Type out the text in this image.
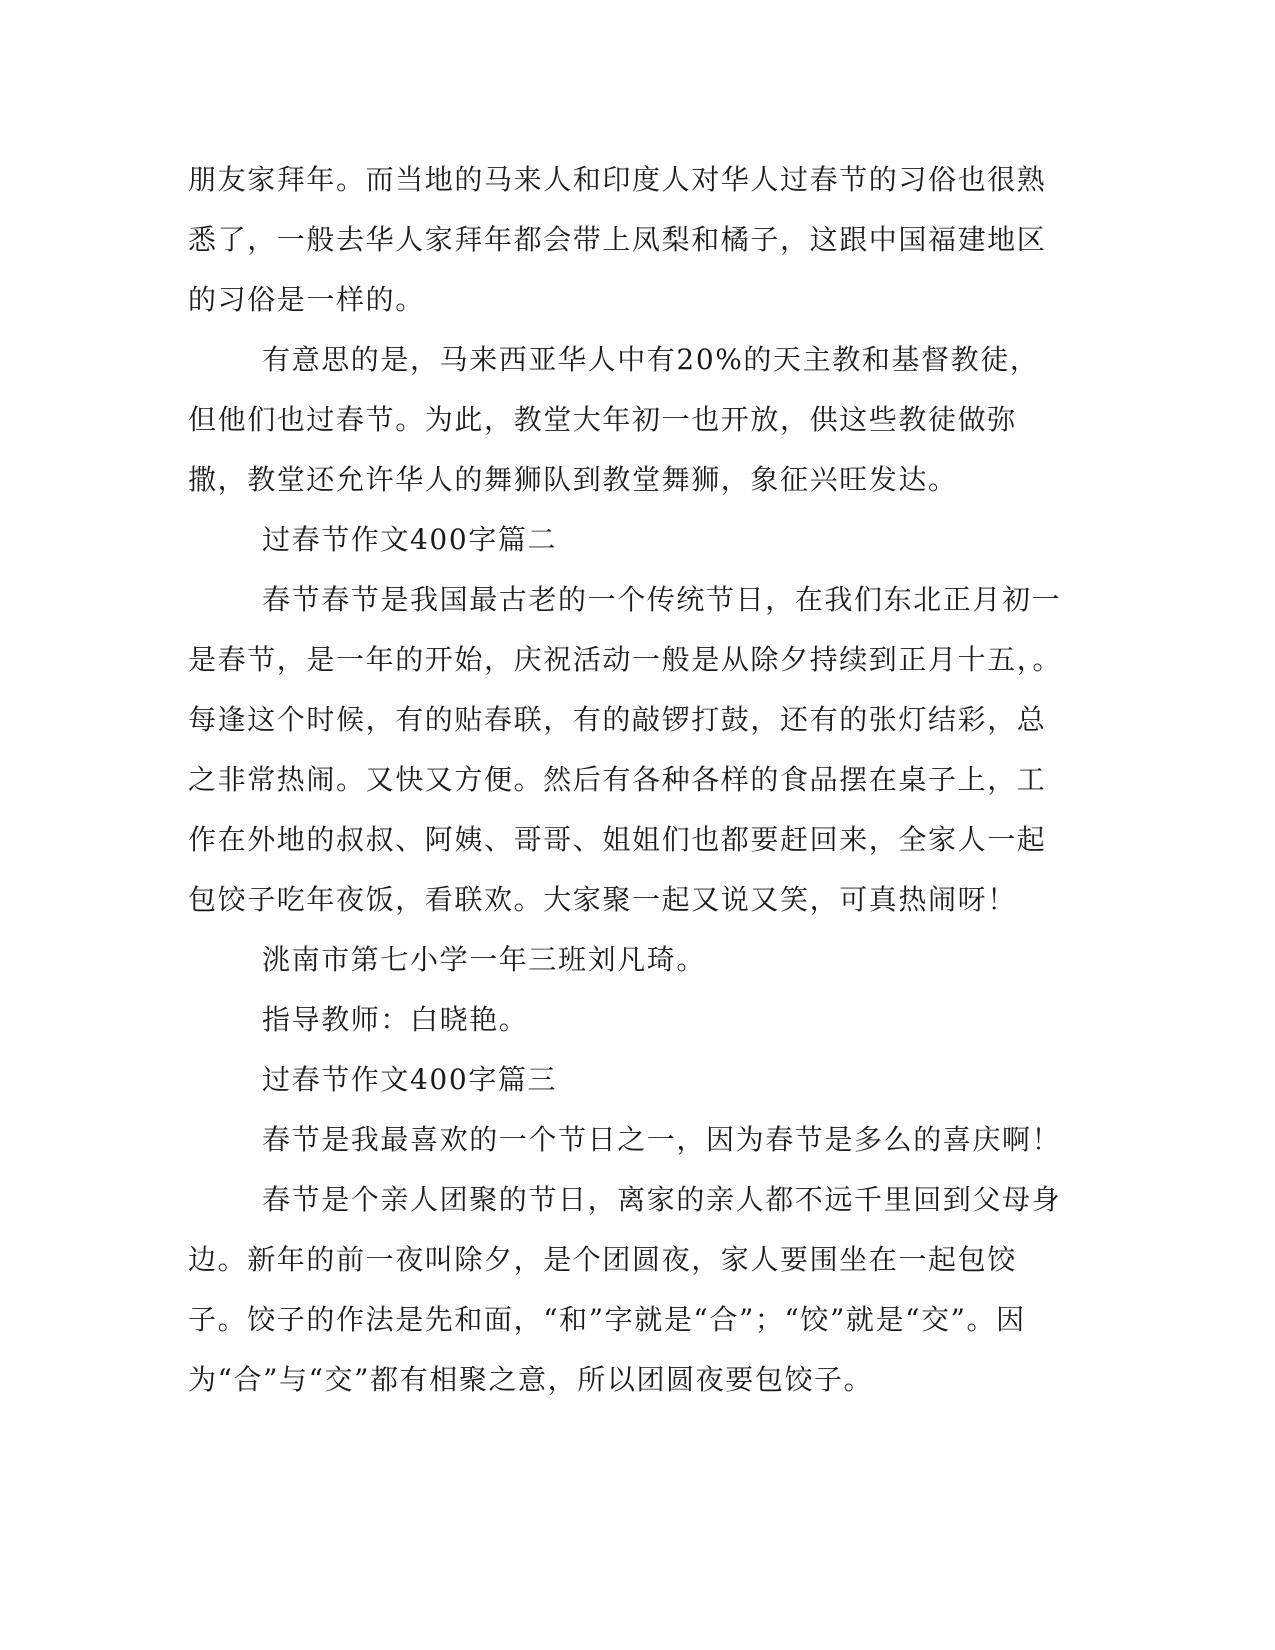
朋友家拜年。而当地的马来人和印度人对华人过春节的习俗也很熟悉了，一般去华人家拜年都会带上凤梨和橘子，这跟中国福建地区的习俗是一样的。

有意思的是，马来西亚华人中有20%的天主教和基督教徒，但他们也过春节。为此，教堂大年初一也开放，供这些教徒做弥撒，教堂还允许华人的舞狮队到教堂舞狮，象征兴旺发达。

过春节作文400字篇二

春节春节是我国最古老的一个传统节日，在我们东北正月初一是春节，是一年的开始，庆祝活动一般是从除夕持续到正月十五，。每逢这个时候，有的贴春联，有的敲锣打鼓，还有的张灯结彩，总之非常热闹。又快又方便。然后有各种各样的食品摆在桌子上，工作在外地的叔叔、阿姨、哥哥、姐姐们也都要赶回来，全家人一起包饺子吃年夜饭，看联欢。大家聚一起又说又笑，可真热闹呀！

洮南市第七小学一年三班刘凡琦。

指导教师：白晓艳。

过春节作文400字篇三

春节是我最喜欢的一个节日之一，因为春节是多么的喜庆啊！

春节是个亲人团聚的节日，离家的亲人都不远千里回到父母身边。新年的前一夜叫除夕，是个团圆夜，家人要围坐在一起包饺子。饺子的作法是先和面，“和”字就是“合”；“饺”就是“交”。因为“合”与“交”都有相聚之意，所以团圆夜要包饺子。
